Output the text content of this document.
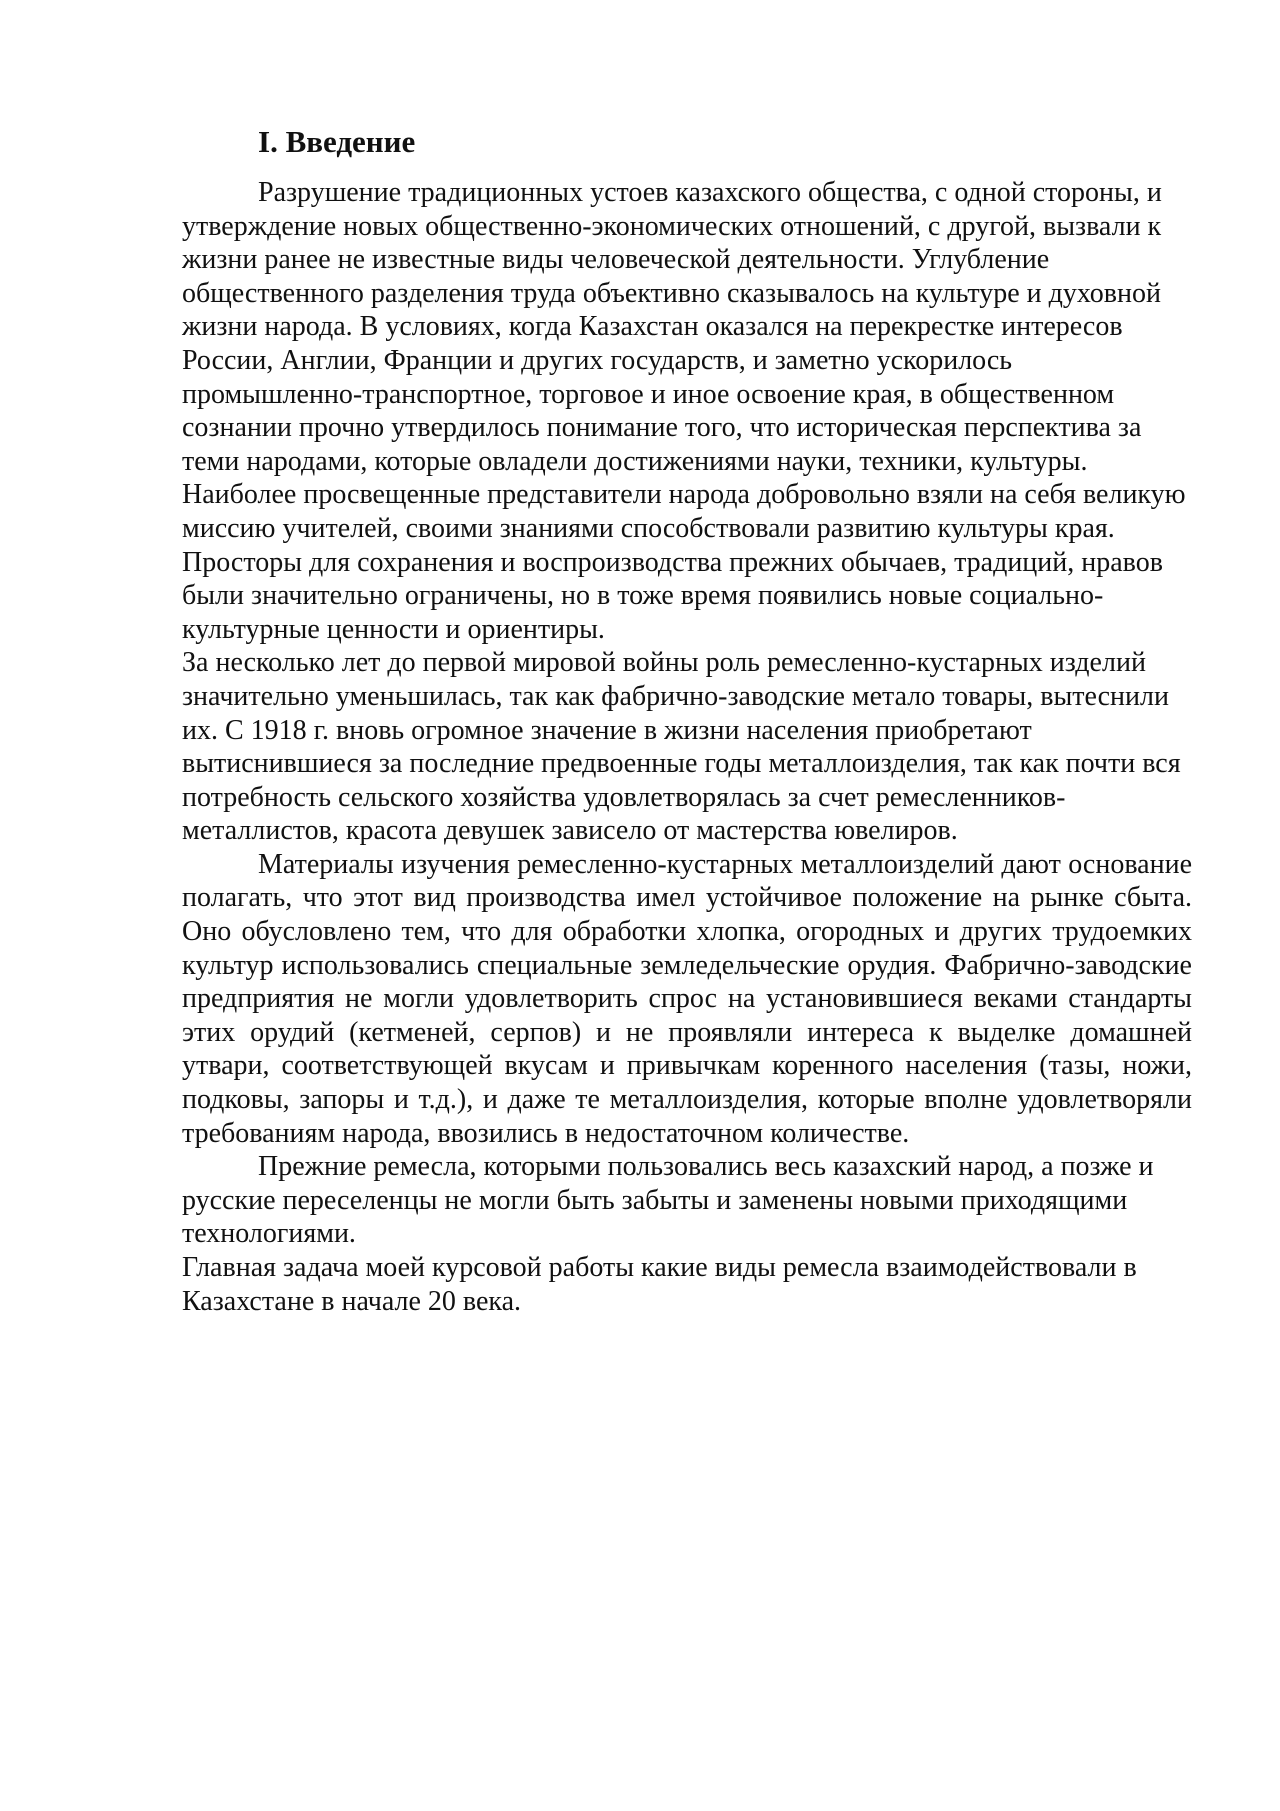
I. Введение

Разрушение традиционных устоев казахского общества, с одной стороны, и утверждение новых общественно-экономических отношений, с другой, вызвали к жизни ранее не известные виды человеческой деятельности. Углубление общественного разделения труда объективно сказывалось на культуре и духовной жизни народа. В условиях, когда Казахстан оказался на перекрестке интересов России, Англии, Франции и других государств, и заметно ускорилось промышленно-транспортное, торговое и иное освоение края, в общественном сознании прочно утвердилось понимание того, что историческая перспектива за теми народами, которые овладели достижениями науки, техники, культуры. Наиболее просвещенные представители народа добровольно взяли на себя великую миссию учителей, своими знаниями способствовали развитию культуры края. Просторы для сохранения и воспроизводства прежних обычаев, традиций, нравов были значительно ограничены, но в тоже время появились новые социально-культурные ценности и ориентиры.

За несколько лет до первой мировой войны роль ремесленно-кустарных изделий значительно уменьшилась, так как фабрично-заводские метало товары, вытеснили их. С 1918 г. вновь огромное значение в жизни населения приобретают вытиснившиеся за последние предвоенные годы металлоизделия, так как почти вся потребность сельского хозяйства удовлетворялась за счет ремесленников-металлистов, красота девушек зависело от мастерства ювелиров.

Материалы изучения ремесленно-кустарных металлоизделий дают основание полагать, что этот вид производства имел устойчивое положение на рынке сбыта. Оно обусловлено тем, что для обработки хлопка, огородных и других трудоемких культур использовались специальные земледельческие орудия. Фабрично-заводские предприятия не могли удовлетворить спрос на установившиеся веками стандарты этих орудий (кетменей, серпов) и не проявляли интереса к выделке домашней утвари, соответствующей вкусам и привычкам коренного населения (тазы, ножи, подковы, запоры и т.д.), и даже те металлоизделия, которые вполне удовлетворяли требованиям народа, ввозились в недостаточном количестве.

Прежние ремесла, которыми пользовались весь казахский народ, а позже и русские переселенцы не могли быть забыты и заменены новыми приходящими технологиями.

Главная задача моей курсовой работы какие виды ремесла взаимодействовали в Казахстане в начале 20 века.
